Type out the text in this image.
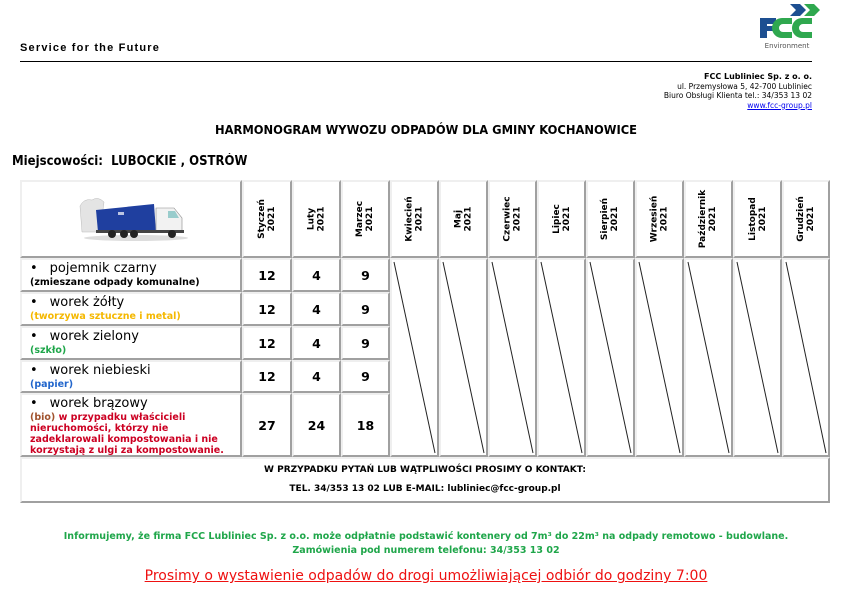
Service for the Future	Environment
FCC Lubliniec Sp. z o. o.
ul. Przemysłowa 5, 42-700 Lubliniec
Biuro Obsługi Klienta tel.: 34/353 13 02
www.fcc-group.pl
HARMONOGRAM WYWOZU ODPADÓW DLA GMINY KOCHANOWICE
Miejscowości: LUBOCKIE , OSTRÓW
Styczeń 2021	Luty 2021	Marzec 2021	Kwiecień 2021	Maj 2021	Czerwiec 2021	Lipiec 2021	Sierpień 2021	Wrzesień 2021	Październik 2021	Listopad 2021	Grudzień 2021
• pojemnik czarny
(zmieszane odpady komunalne)	12	4	9
• worek żółty
(tworzywa sztuczne i metal)	12	4	9
• worek zielony
(szkło)	12	4	9
• worek niebieski
(papier)
12	4	9
• worek brązowy
(bio) w przypadku właścicieli nieruchomości, którzy nie zadeklarowali kompostowania i nie korzystają z ulgi za kompostowanie.
27	24	18
W PRZYPADKU PYTAŃ LUB WĄTPLIWOŚCI PROSIMY O KONTAKT:
TEL. 34/353 13 02 LUB E-MAIL: lubliniec@fcc-group.pl
Informujemy, że firma FCC Lubliniec Sp. z o.o. może odpłatnie podstawić kontenery od 7m³ do 22m³ na odpady remotowo - budowlane.
Zamówienia pod numerem telefonu: 34/353 13 02
Prosimy o wystawienie odpadów do drogi umożliwiającej odbiór do godziny 7:00
